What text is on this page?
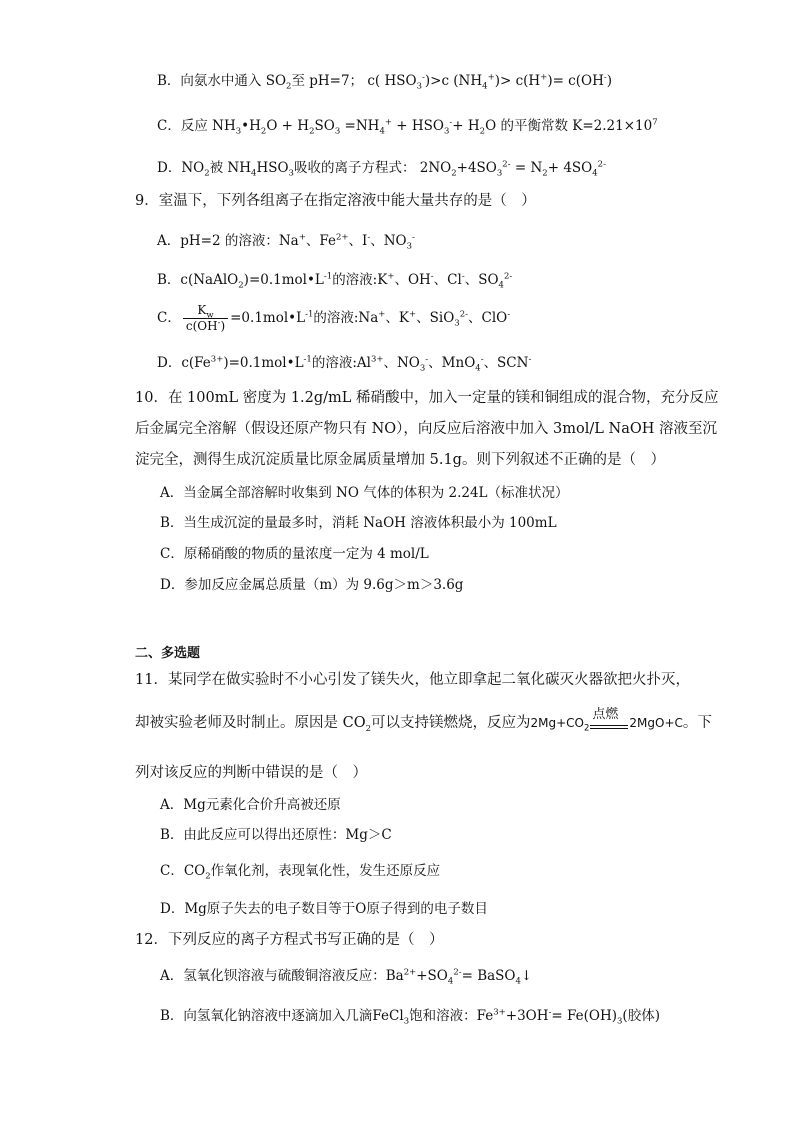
B．向氨水中通入 $SO_2$至 pH=7； c( $HSO_3^-)>c$ $(NH_4^+)> c(H^+)= c(OH^-)$
C．反应 $NH_3•H_2O + H_2SO_3 =NH_4^+ + HSO_3^-+ H_2O$ 的平衡常数 $K=2.21\times 10^7$
D．$NO_2$被 $NH_4HSO_3$吸收的离子方程式： $2NO_2+4SO_3^{2-} = N_2+ 4SO_4^{2-}$
9．室温下，下列各组离子在指定溶液中能大量共存的是（　）
A．pH=2 的溶液：Na+、$Fe^{2+}$、I-、$NO_3^-$
B．$c(NaAlO_2)=0.1mol•L^{-1}$的溶液:K+、OH-、Cl-、$SO_4^{2-}$
C． $\frac{K_w}{c(OH^-)}$ $=0.1mol•L^{-1}$的溶液:Na+、K+、SiO$_3^{2-}$、ClO-
D．$c(Fe^{3+})=0.1mol•L^{-1}$的溶液$:Al^{3+}$、$NO_3^-$、MnO$_4$-、SCN-
10．在 100mL 密度为 1.2g/mL 稀硝酸中，加入一定量的镁和铜组成的混合物，充分反应
后金属完全溶解（假设还原产物只有 NO），向反应后溶液中加入 3mol/L NaOH 溶液至沉
淀完全，测得生成沉淀质量比原金属质量增加 5.1g。则下列叙述不正确的是（　）
A．当金属全部溶解时收集到 NO 气体的体积为 2.24L（标准状况）
B．当生成沉淀的量最多时，消耗 NaOH 溶液体积最小为 100mL
C．原稀硝酸的物质的量浓度一定为 4 mol/L
D．参加反应金属总质量（m）为 9.6g＞m＞3.6g
二、多选题
11．某同学在做实验时不小心引发了镁失火，他立即拿起二氧化碳灭火器欲把火扑灭，
却被实验老师及时制止。原因是 $CO_2$可以支持镁燃烧，反应为$2Mg+CO_2$
点燃
2MgO+C。下
列对该反应的判断中错误的是（　）
A．Mg元素化合价升高被还原
B．由此反应可以得出还原性：Mg＞C
C．$CO_2$作氧化剂，表现氧化性，发生还原反应
D．Mg原子失去的电子数目等于O原子得到的电子数目
12．下列反应的离子方程式书写正确的是（　）
A．氢氧化钡溶液与硫酸铜溶液反应：$Ba^{2+}+SO_4^{2-}=$ BaSO$_4$↓
B．向氢氧化钠溶液中逐滴加入几滴FeCl$_3$饱和溶液：$Fe^{3+}+3OH^-= Fe(OH)_3$(胶体)
